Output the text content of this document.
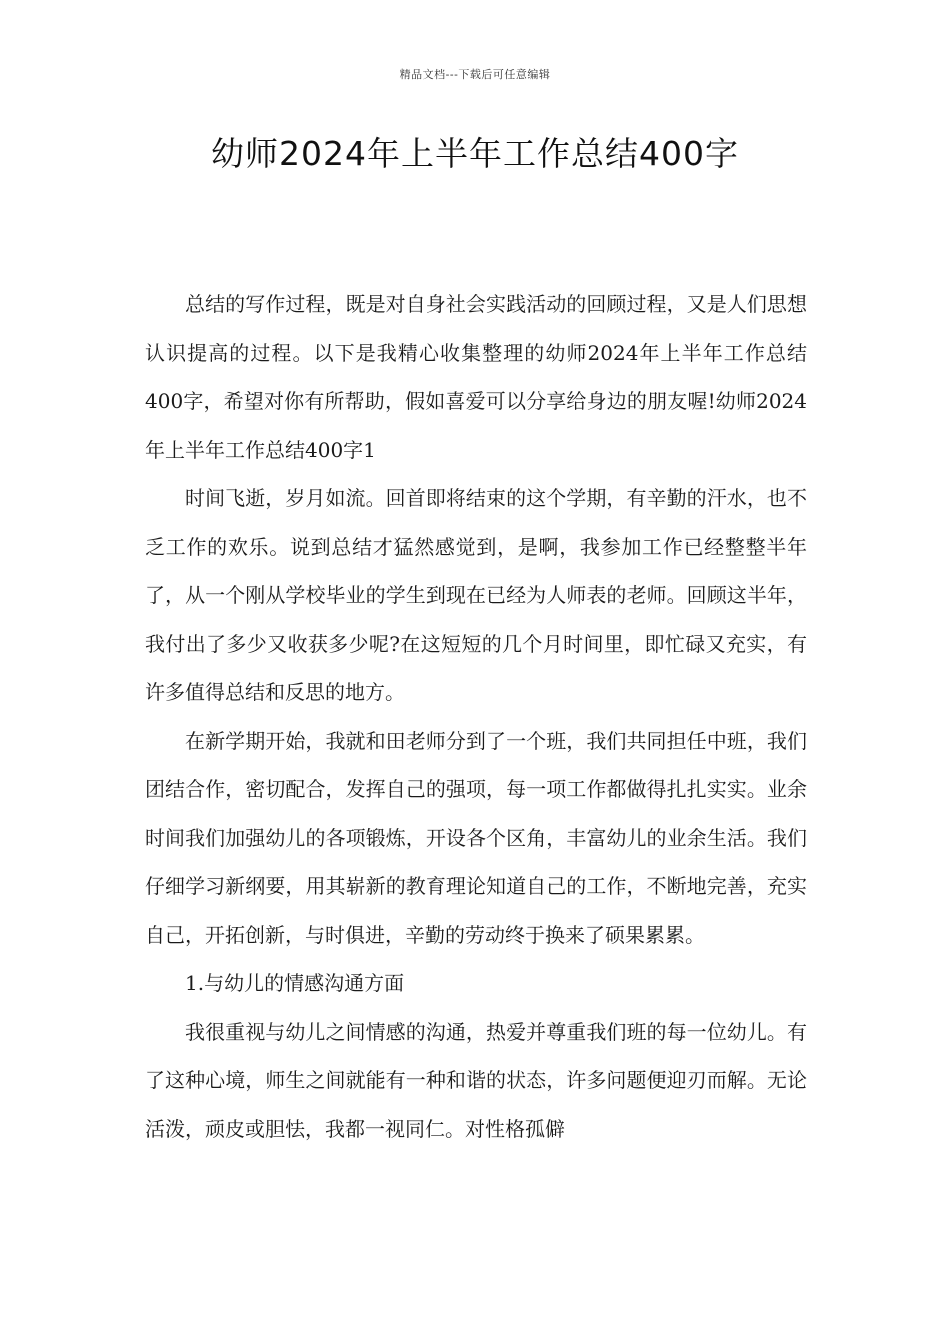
精品文档---下载后可任意编辑
幼师2024年上半年工作总结400字

总结的写作过程，既是对自身社会实践活动的回顾过程，又是人们思想认识提高的过程。以下是我精心收集整理的幼师2024年上半年工作总结400字，希望对你有所帮助，假如喜爱可以分享给身边的朋友喔!幼师2024年上半年工作总结400字1

时间飞逝，岁月如流。回首即将结束的这个学期，有辛勤的汗水，也不乏工作的欢乐。说到总结才猛然感觉到，是啊，我参加工作已经整整半年了，从一个刚从学校毕业的学生到现在已经为人师表的老师。回顾这半年，我付出了多少又收获多少呢?在这短短的几个月时间里，即忙碌又充实，有许多值得总结和反思的地方。

在新学期开始，我就和田老师分到了一个班，我们共同担任中班，我们团结合作，密切配合，发挥自己的强项，每一项工作都做得扎扎实实。业余时间我们加强幼儿的各项锻炼，开设各个区角，丰富幼儿的业余生活。我们仔细学习新纲要，用其崭新的教育理论知道自己的工作，不断地完善，充实自己，开拓创新，与时俱进，辛勤的劳动终于换来了硕果累累。

1.与幼儿的情感沟通方面

我很重视与幼儿之间情感的沟通，热爱并尊重我们班的每一位幼儿。有了这种心境，师生之间就能有一种和谐的状态，许多问题便迎刃而解。无论活泼，顽皮或胆怯，我都一视同仁。对性格孤僻
